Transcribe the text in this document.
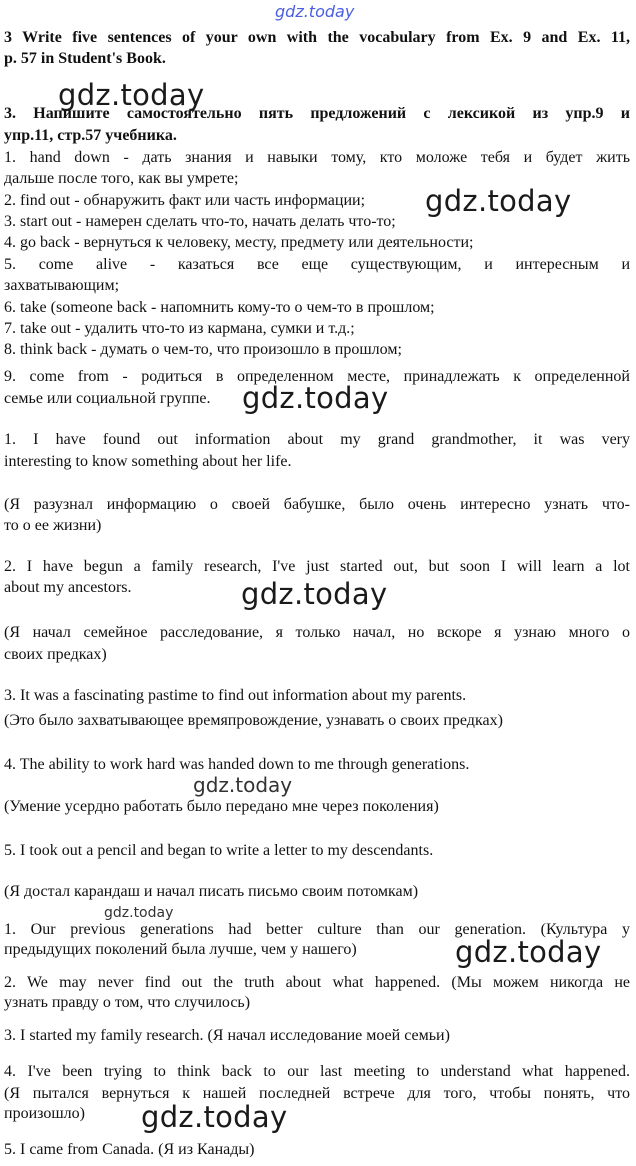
gdz.today
gdz.today
gdz.today
gdz.today
gdz.today
gdz.today
gdz.today
gdz.today
gdz.today
3 Write five sentences of your own with the vocabulary from Ex. 9 and Ex. 11,
p. 57 in Student's Book.
3. Напишите самостоятельно пять предложений с лексикой из упр.9 и
упр.11, стр.57 учебника.
1. hand down - дать знания и навыки тому, кто моложе тебя и будет жить
дальше после того, как вы умрете;
2. find out - обнаружить факт или часть информации;
3. start out - намерен сделать что-то, начать делать что-то;
4. go back - вернуться к человеку, месту, предмету или деятельности;
5. come alive - казаться все еще существующим, и интересным и
захватывающим;
6. take (someone back - напомнить кому-то о чем-то в прошлом;
7. take out - удалить что-то из кармана, сумки и т.д.;
8. think back - думать о чем-то, что произошло в прошлом;
9. come from - родиться в определенном месте, принадлежать к определенной
семье или социальной группе.
1. I have found out information about my grand grandmother, it was very
interesting to know something about her life.
(Я разузнал информацию о своей бабушке, было очень интересно узнать что-
то о ее жизни)
2. I have begun a family research, I've just started out, but soon I will learn a lot
about my ancestors.
(Я начал семейное расследование, я только начал, но вскоре я узнаю много о
своих предках)
3. It was a fascinating pastime to find out information about my parents.
(Это было захватывающее времяпровождение, узнавать о своих предках)
4. The ability to work hard was handed down to me through generations.
(Умение усердно работать было передано мне через поколения)
5. I took out a pencil and began to write a letter to my descendants.
(Я достал карандаш и начал писать письмо своим потомкам)
1. Our previous generations had better culture than our generation. (Культура у
предыдущих поколений была лучше, чем у нашего)
2. We may never find out the truth about what happened. (Мы можем никогда не
узнать правду о том, что случилось)
3. I started my family research. (Я начал исследование моей семьи)
4. I've been trying to think back to our last meeting to understand what happened.
(Я пытался вернуться к нашей последней встрече для того, чтобы понять, что
произошло)
5. I came from Canada. (Я из Канады)
